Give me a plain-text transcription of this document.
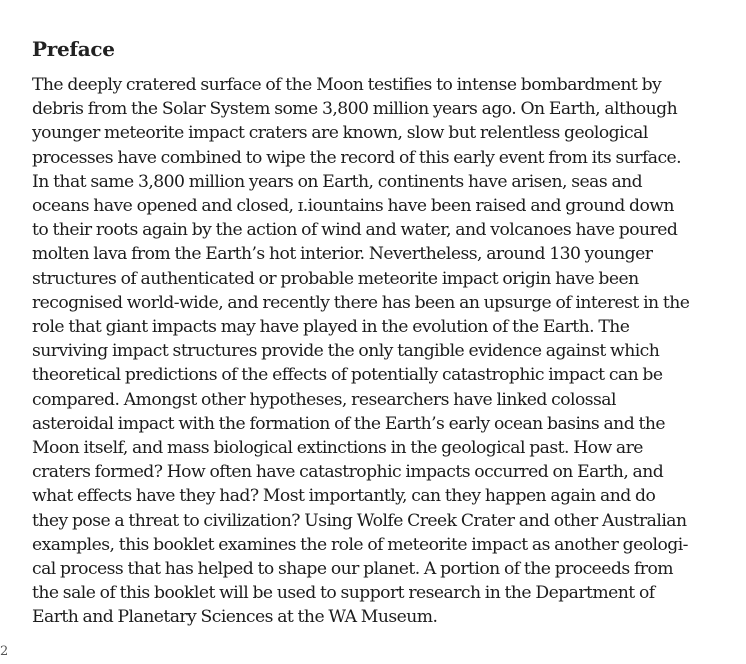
Preface
The deeply cratered surface of the Moon testifies to intense bombardment by
debris from the Solar System some 3,800 million years ago. On Earth, although
younger meteorite impact craters are known, slow but relentless geological
processes have combined to wipe the record of this early event from its surface.
In that same 3,800 million years on Earth, continents have arisen, seas and
oceans have opened and closed, ɪ.iountains have been raised and ground down
to their roots again by the action of wind and water, and volcanoes have poured
molten lava from the Earth’s hot interior. Nevertheless, around 130 younger
structures of authenticated or probable meteorite impact origin have been
recognised world-wide, and recently there has been an upsurge of interest in the
role that giant impacts may have played in the evolution of the Earth. The
surviving impact structures provide the only tangible evidence against which
theoretical predictions of the effects of potentially catastrophic impact can be
compared. Amongst other hypotheses, researchers have linked colossal
asteroidal impact with the formation of the Earth’s early ocean basins and the
Moon itself, and mass biological extinctions in the geological past. How are
craters formed? How often have catastrophic impacts occurred on Earth, and
what effects have they had? Most importantly, can they happen again and do
they pose a threat to civilization? Using Wolfe Creek Crater and other Australian
examples, this booklet examines the role of meteorite impact as another geologi-
cal process that has helped to shape our planet. A portion of the proceeds from
the sale of this booklet will be used to support research in the Department of
Earth and Planetary Sciences at the WA Museum.
2
